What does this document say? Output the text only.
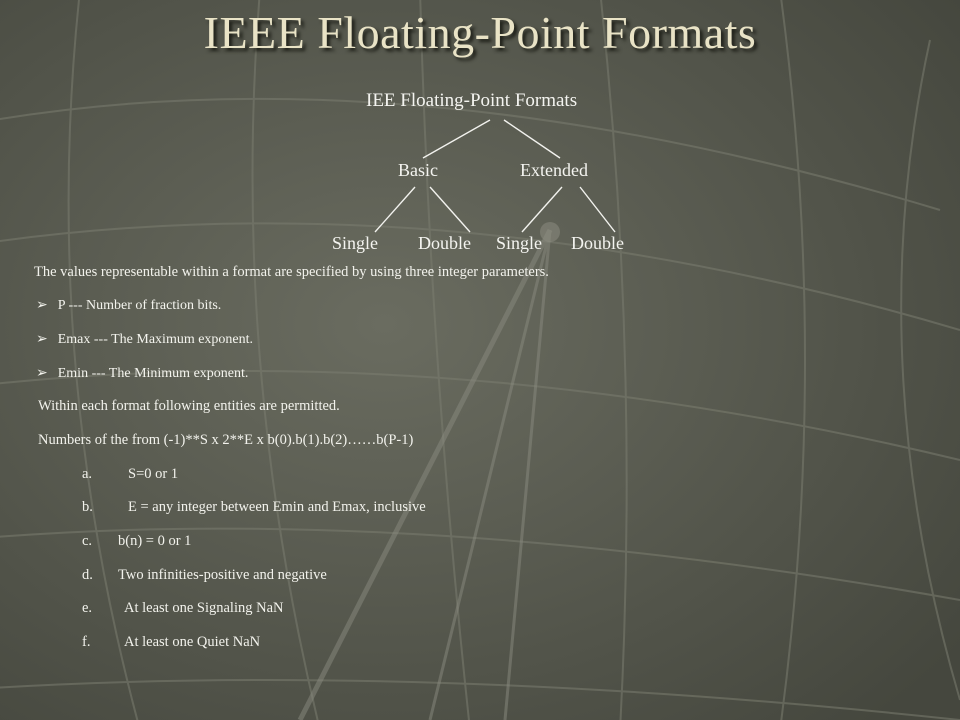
IEEE Floating-Point Formats
IEE Floating-Point Formats
Basic	Extended
Single Double Single Double
The values representable within a format are specified by using three integer parameters.
➢ P --- Number of fraction bits.
➢ Emax --- The Maximum exponent.
➢ Emin --- The Minimum exponent.
Within each format following entities are permitted.
Numbers of the from (-1)**S x 2**E x b(0).b(1).b(2)……b(P-1)
a. S=0 or 1
b. E = any integer between Emin and Emax, inclusive
c. b(n) = 0 or 1
d. Two infinities-positive and negative
e. At least one Signaling NaN
f. At least one Quiet NaN
